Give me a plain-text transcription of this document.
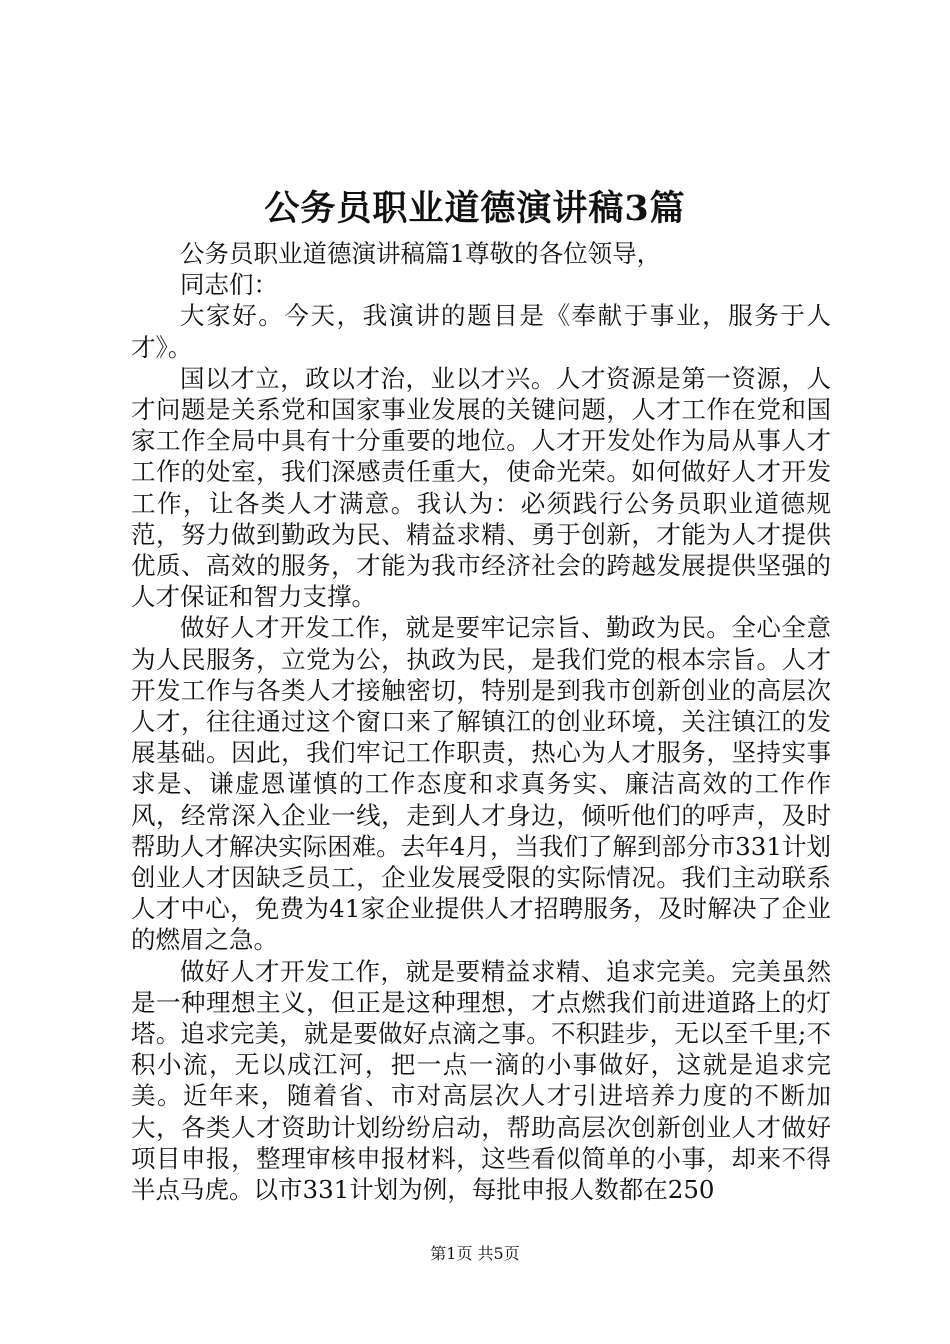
公务员职业道德演讲稿3篇

公务员职业道德演讲稿篇1尊敬的各位领导，

同志们：

大家好。今天，我演讲的题目是《奉献于事业，服务于人才》。

国以才立，政以才治，业以才兴。人才资源是第一资源，人才问题是关系党和国家事业发展的关键问题，人才工作在党和国家工作全局中具有十分重要的地位。人才开发处作为局从事人才工作的处室，我们深感责任重大，使命光荣。如何做好人才开发工作，让各类人才满意。我认为：必须践行公务员职业道德规范，努力做到勤政为民、精益求精、勇于创新，才能为人才提供优质、高效的服务，才能为我市经济社会的跨越发展提供坚强的人才保证和智力支撑。

做好人才开发工作，就是要牢记宗旨、勤政为民。全心全意为人民服务，立党为公，执政为民，是我们党的根本宗旨。人才开发工作与各类人才接触密切，特别是到我市创新创业的高层次人才，往往通过这个窗口来了解镇江的创业环境，关注镇江的发展基础。因此，我们牢记工作职责，热心为人才服务，坚持实事求是、谦虚恩谨慎的工作态度和求真务实、廉洁高效的工作作风，经常深入企业一线，走到人才身边，倾听他们的呼声，及时帮助人才解决实际困难。去年4月，当我们了解到部分市331计划创业人才因缺乏员工，企业发展受限的实际情况。我们主动联系人才中心，免费为41家企业提供人才招聘服务，及时解决了企业的燃眉之急。

做好人才开发工作，就是要精益求精、追求完美。完美虽然是一种理想主义，但正是这种理想，才点燃我们前进道路上的灯塔。追求完美，就是要做好点滴之事。不积跬步，无以至千里;不积小流，无以成江河，把一点一滴的小事做好，这就是追求完美。近年来，随着省、市对高层次人才引进培养力度的不断加大，各类人才资助计划纷纷启动，帮助高层次创新创业人才做好项目申报，整理审核申报材料，这些看似简单的小事，却来不得半点马虎。以市331计划为例，每批申报人数都在250

第1页 共5页
